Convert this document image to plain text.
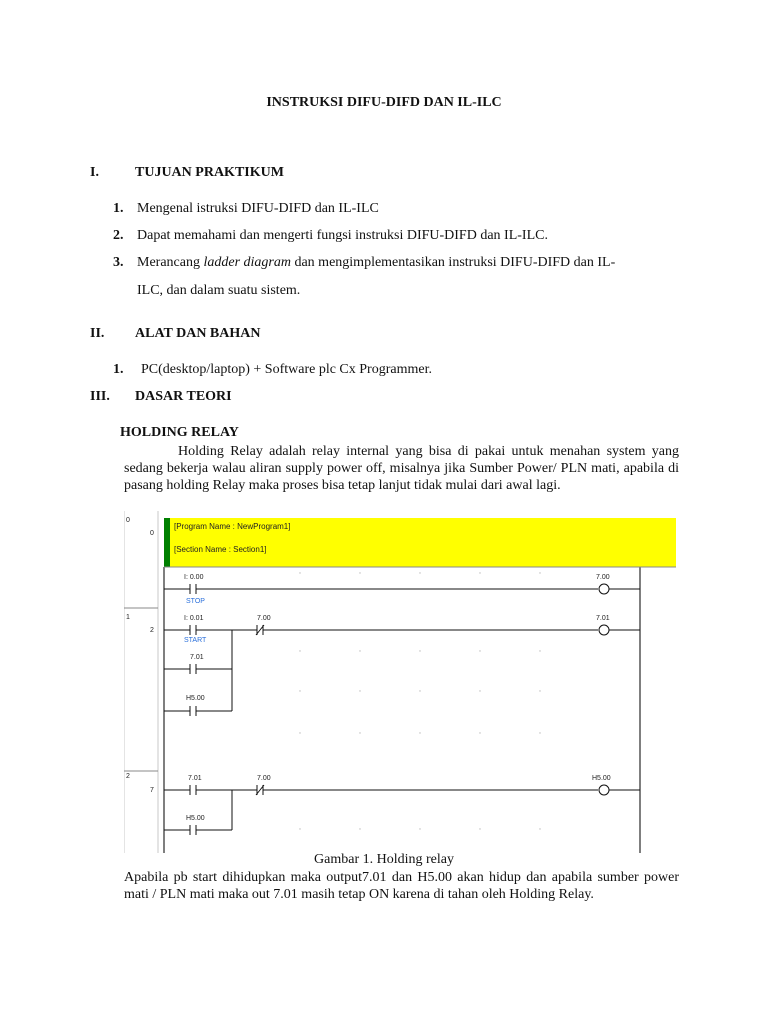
INSTRUKSI DIFU-DIFD DAN IL-ILC
I.	TUJUAN PRAKTIKUM
1. Mengenal istruksi DIFU-DIFD dan IL-ILC
2. Dapat memahami dan mengerti fungsi instruksi DIFU-DIFD dan IL-ILC.
3. Merancang ladder diagram dan mengimplementasikan instruksi DIFU-DIFD dan IL-
ILC, dan dalam suatu sistem.
II. ALAT DAN BAHAN
1. PC(desktop/laptop) + Software plc Cx Programmer.
III. DASAR TEORI
HOLDING RELAY
Holding Relay adalah relay internal yang bisa di pakai untuk menahan system yang sedang bekerja walau aliran supply power off, misalnya jika Sumber Power/ PLN mati, apabila di pasang holding Relay maka proses bisa tetap lanjut tidak mulai dari awal lagi.
[Program Name : NewProgram1]
[Section Name : Section1]
0
0
1
2
2
7
I: 0.00
STOP
7.00
I: 0.01
START
7.00	7.01
7.01
H5.00
7.01	7.00	H5.00
H5.00
Gambar 1. Holding relay
Apabila pb start dihidupkan maka output7.01 dan H5.00 akan hidup dan apabila sumber power mati / PLN mati maka out 7.01 masih tetap ON karena di tahan oleh Holding Relay.
